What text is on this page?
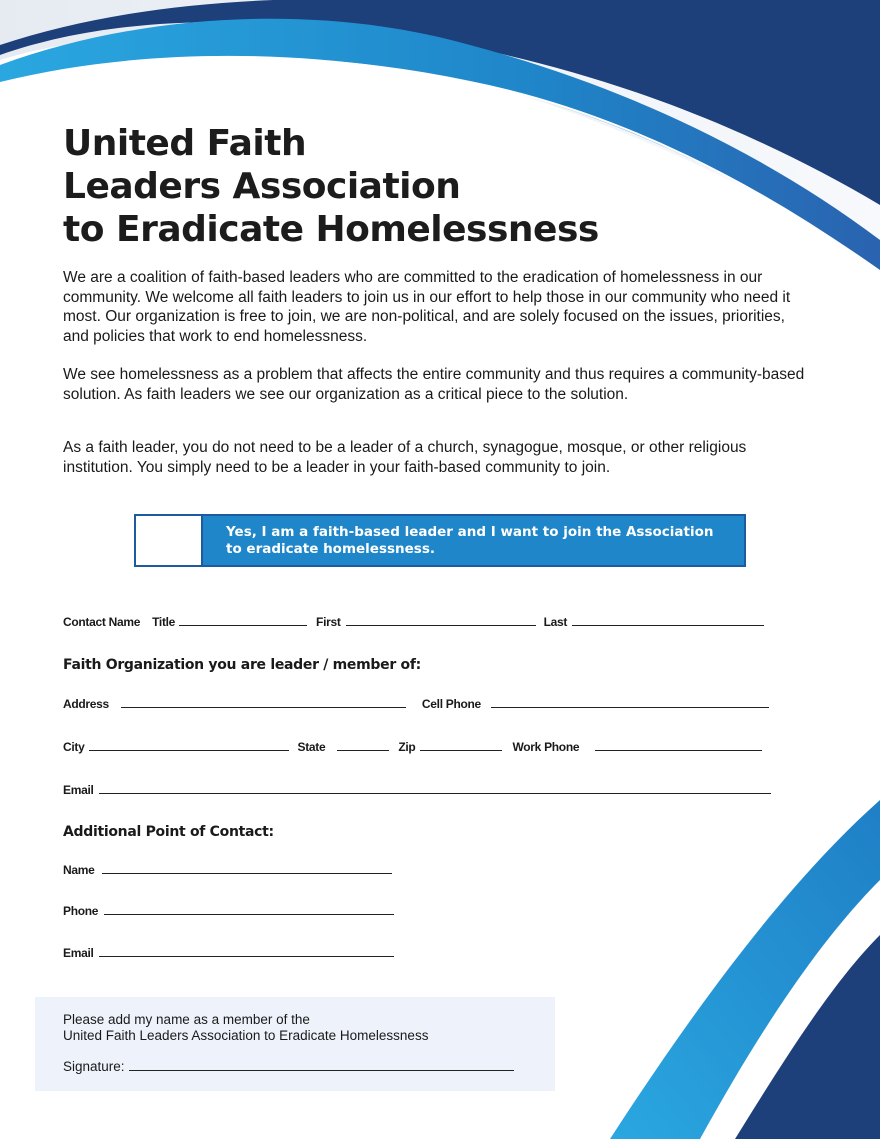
United Faith
Leaders Association
to Eradicate Homelessness

We are a coalition of faith-based leaders who are committed to the eradication of homelessness in our community. We welcome all faith leaders to join us in our effort to help those in our community who need it most. Our organization is free to join, we are non-political, and are solely focused on the issues, priorities, and policies that work to end homelessness.

We see homelessness as a problem that affects the entire community and thus requires a community-based solution. As faith leaders we see our organization as a critical piece to the solution.

As a faith leader, you do not need to be a leader of a church, synagogue, mosque, or other religious institution. You simply need to be a leader in your faith-based community to join.

Yes, I am a faith-based leader and I want to join the Association to eradicate homelessness.
Contact Name Title	First	Last
Faith Organization you are leader / member of:
Address	Cell Phone
City	State	Zip	Work Phone
Email
Additional Point of Contact:
Name
Phone
Email
Please add my name as a member of the
United Faith Leaders Association to Eradicate Homelessness
Signature:
